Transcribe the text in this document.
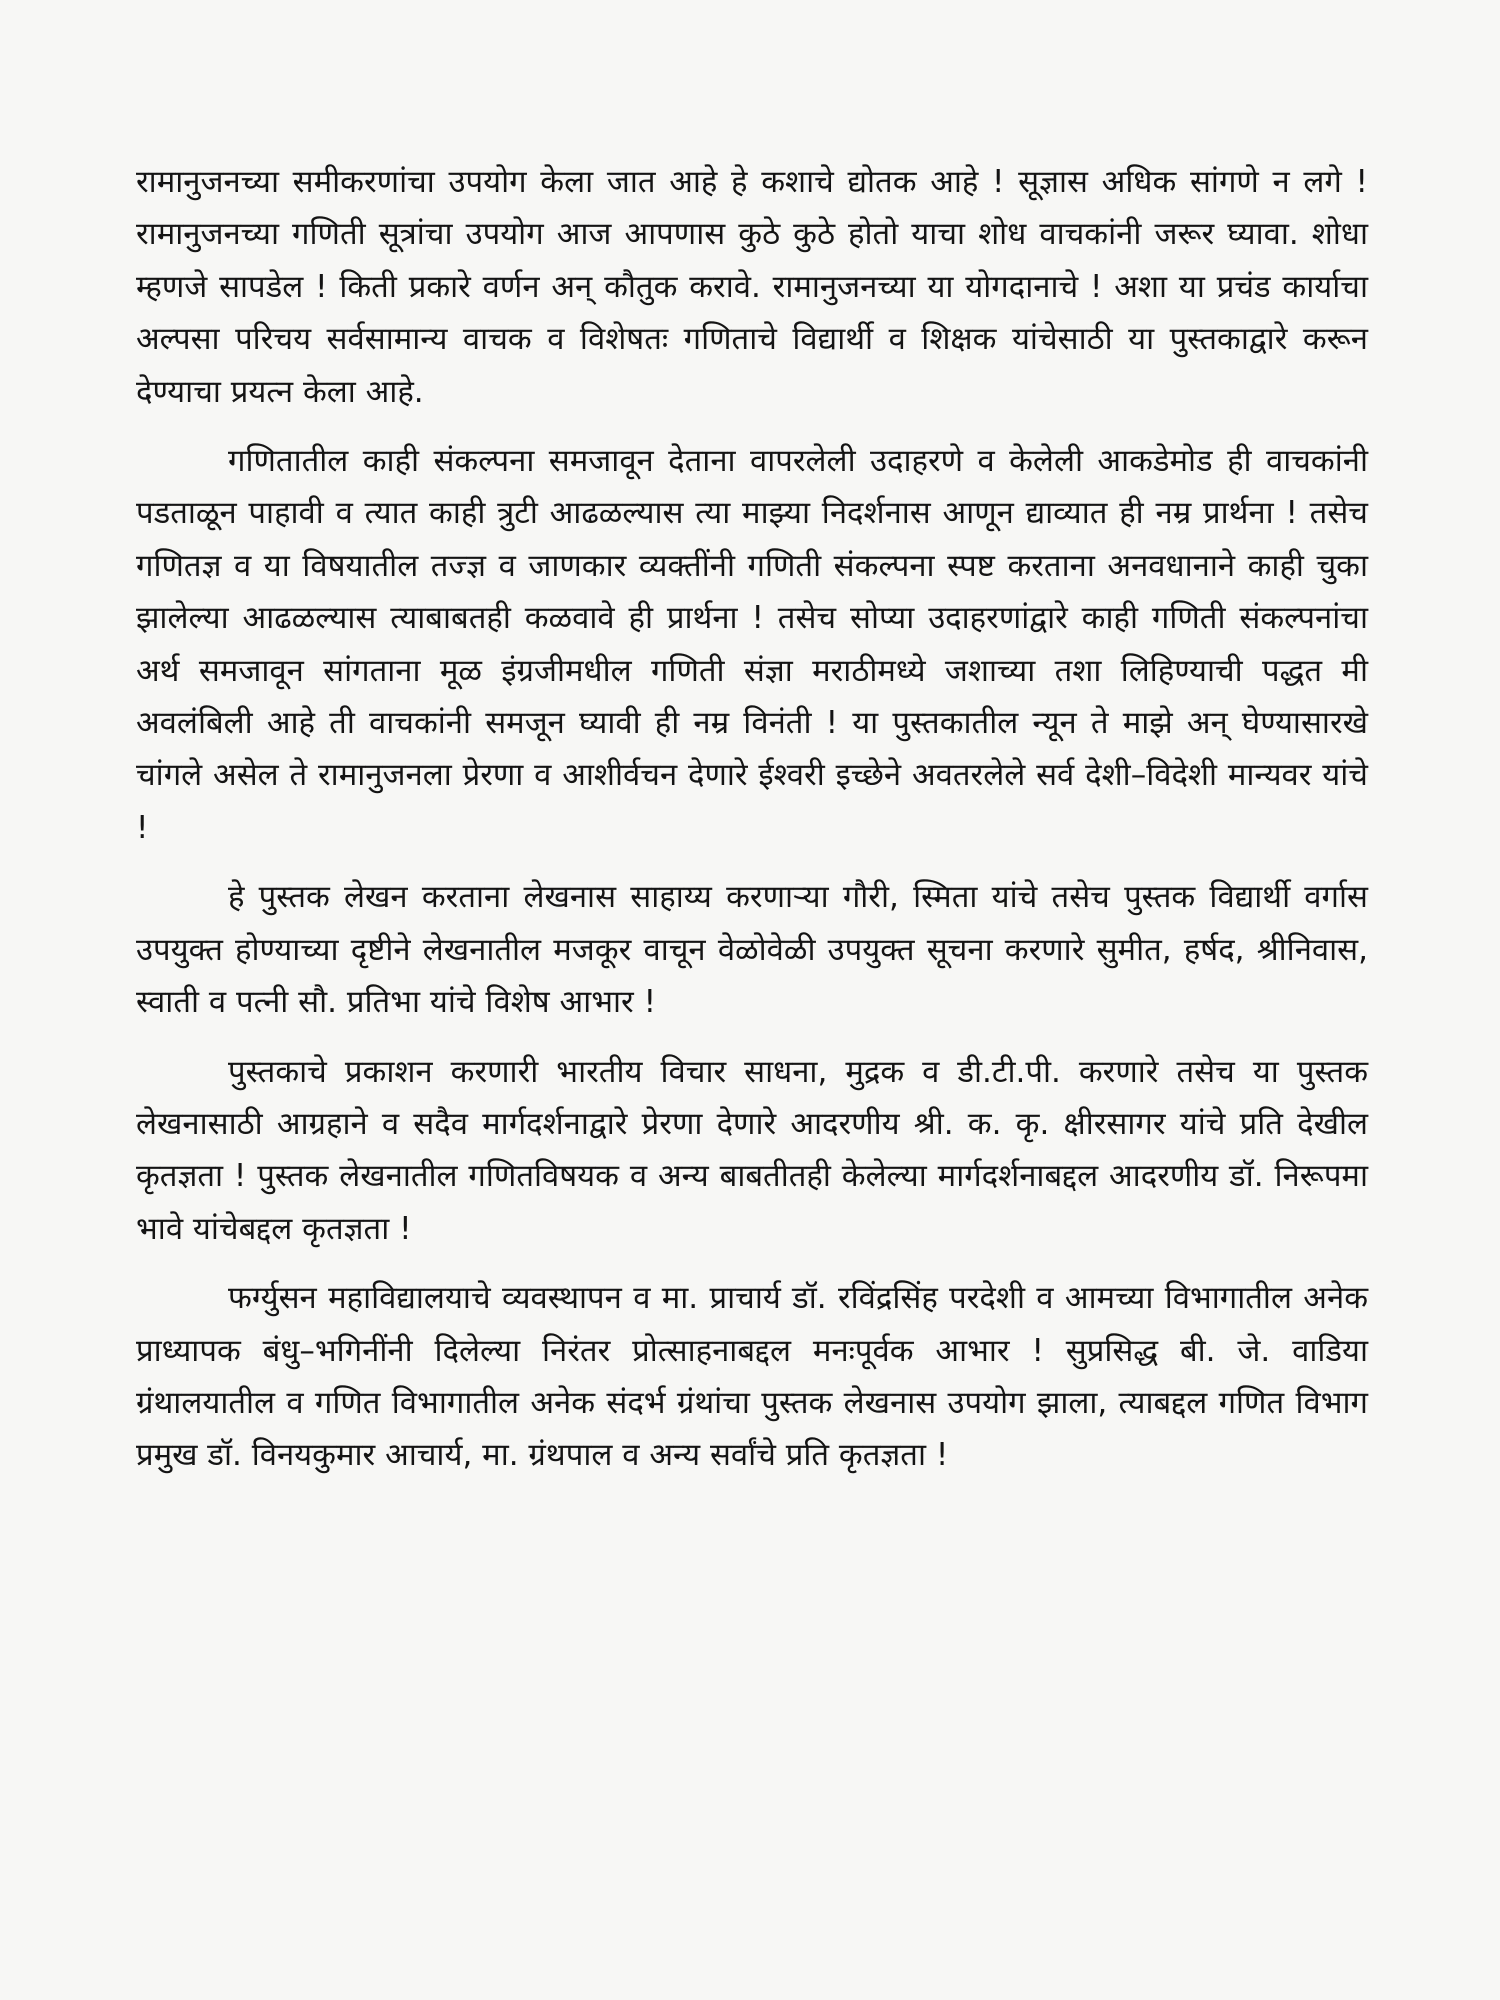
रामानुजनच्या समीकरणांचा उपयोग केला जात आहे हे कशाचे द्योतक आहे ! सूज्ञास अधिक सांगणे न लगे ! रामानुजनच्या गणिती सूत्रांचा उपयोग आज आपणास कुठे कुठे होतो याचा शोध वाचकांनी जरूर घ्यावा. शोधा म्हणजे सापडेल ! किती प्रकारे वर्णन अन् कौतुक करावे. रामानुजनच्या या योगदानाचे ! अशा या प्रचंड कार्याचा अल्पसा परिचय सर्वसामान्य वाचक व विशेषतः गणिताचे विद्यार्थी व शिक्षक यांचेसाठी या पुस्तकाद्वारे करून देण्याचा प्रयत्न केला आहे.

गणितातील काही संकल्पना समजावून देताना वापरलेली उदाहरणे व केलेली आकडेमोड ही वाचकांनी पडताळून पाहावी व त्यात काही त्रुटी आढळल्यास त्या माझ्या निदर्शनास आणून द्याव्यात ही नम्र प्रार्थना ! तसेच गणितज्ञ व या विषयातील तज्ज्ञ व जाणकार व्यक्तींनी गणिती संकल्पना स्पष्ट करताना अनवधानाने काही चुका झालेल्या आढळल्यास त्याबाबतही कळवावे ही प्रार्थना ! तसेच सोप्या उदाहरणांद्वारे काही गणिती संकल्पनांचा अर्थ समजावून सांगताना मूळ इंग्रजीमधील गणिती संज्ञा मराठीमध्ये जशाच्या तशा लिहिण्याची पद्धत मी अवलंबिली आहे ती वाचकांनी समजून घ्यावी ही नम्र विनंती ! या पुस्तकातील न्यून ते माझे अन् घेण्यासारखे चांगले असेल ते रामानुजनला प्रेरणा व आशीर्वचन देणारे ईश्वरी इच्छेने अवतरलेले सर्व देशी–विदेशी मान्यवर यांचे !

हे पुस्तक लेखन करताना लेखनास साहाय्य करणाऱ्या गौरी, स्मिता यांचे तसेच पुस्तक विद्यार्थी वर्गास उपयुक्त होण्याच्या दृष्टीने लेखनातील मजकूर वाचून वेळोवेळी उपयुक्त सूचना करणारे सुमीत, हर्षद, श्रीनिवास, स्वाती व पत्नी सौ. प्रतिभा यांचे विशेष आभार !

पुस्तकाचे प्रकाशन करणारी भारतीय विचार साधना, मुद्रक व डी.टी.पी. करणारे तसेच या पुस्तक लेखनासाठी आग्रहाने व सदैव मार्गदर्शनाद्वारे प्रेरणा देणारे आदरणीय श्री. क. कृ. क्षीरसागर यांचे प्रति देखील कृतज्ञता ! पुस्तक लेखनातील गणितविषयक व अन्य बाबतीतही केलेल्या मार्गदर्शनाबद्दल आदरणीय डॉ. निरूपमा भावे यांचेबद्दल कृतज्ञता !

फर्ग्युसन महाविद्यालयाचे व्यवस्थापन व मा. प्राचार्य डॉ. रविंद्रसिंह परदेशी व आमच्या विभागातील अनेक प्राध्यापक बंधु–भगिनींनी दिलेल्या निरंतर प्रोत्साहनाबद्दल मनःपूर्वक आभार ! सुप्रसिद्ध बी. जे. वाडिया ग्रंथालयातील व गणित विभागातील अनेक संदर्भ ग्रंथांचा पुस्तक लेखनास उपयोग झाला, त्याबद्दल गणित विभाग प्रमुख डॉ. विनयकुमार आचार्य, मा. ग्रंथपाल व अन्य सर्वांचे प्रति कृतज्ञता !
